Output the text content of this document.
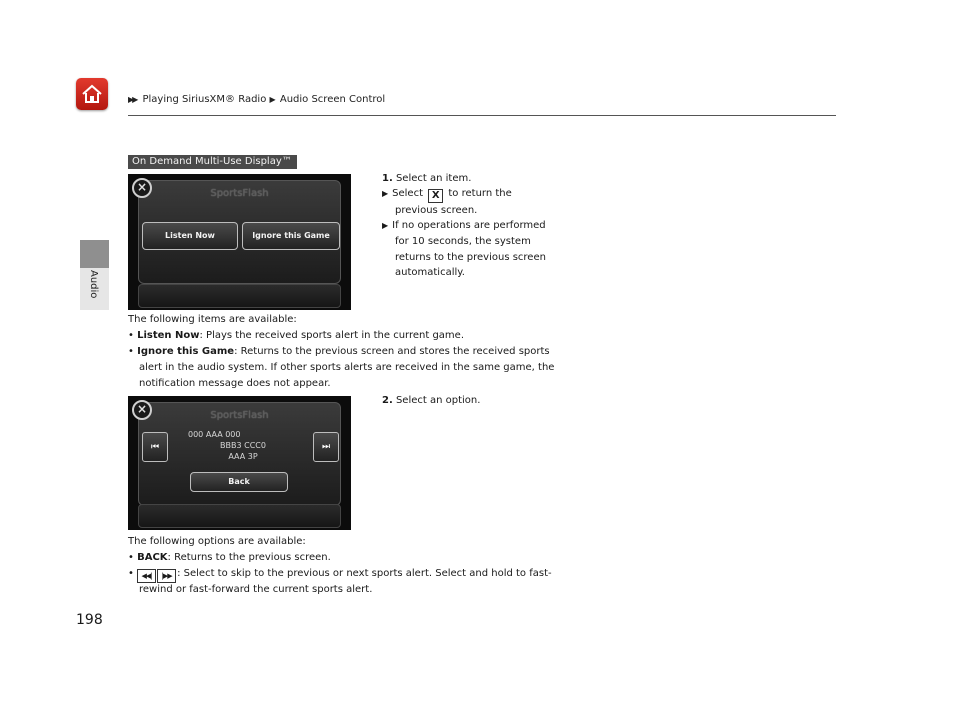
▶▶ Playing SiriusXM® Radio ▶ Audio Screen Control
Audio
On Demand Multi-Use Display™
×	SportsFlash
Listen Now	Ignore this Game
1. Select an item.
▶ Select X to return the
previous screen.
▶ If no operations are performed
for 10 seconds, the system
returns to the previous screen
automatically.
The following items are available:
• Listen Now: Plays the received sports alert in the current game.
• Ignore this Game: Returns to the previous screen and stores the received sports
alert in the audio system. If other sports alerts are received in the same game, the
notification message does not appear.
×	SportsFlash
⏮	⏭
000 AAA 000
BBB3 CCC0
AAA 3P
Back
2. Select an option.
The following options are available:
• BACK: Returns to the previous screen.
• ◀◀| |▶▶ : Select to skip to the previous or next sports alert. Select and hold to fast-
rewind or fast-forward the current sports alert.
198
